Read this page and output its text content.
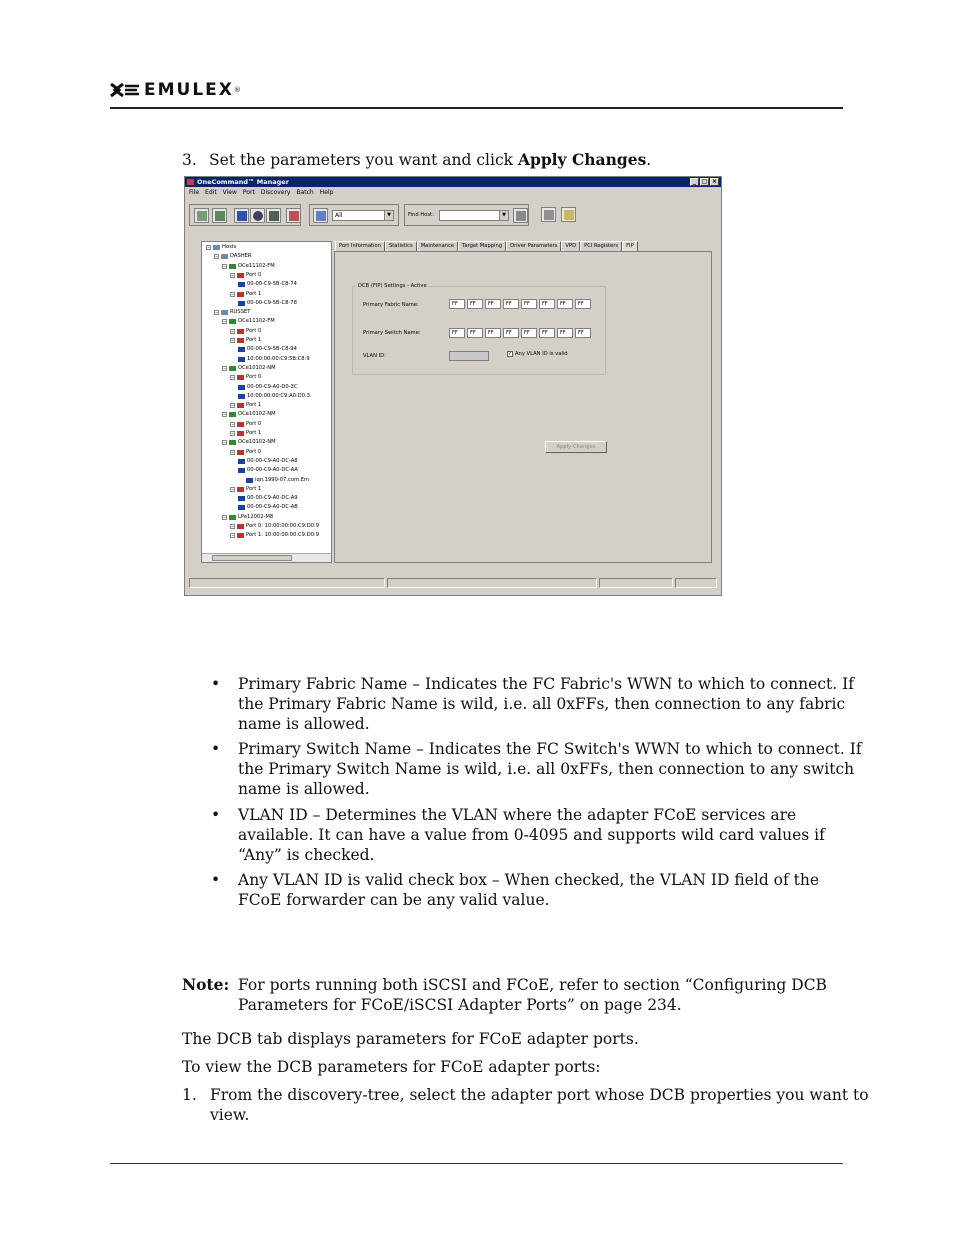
EMULEX ®
3. Set the parameters you want and click Apply Changes.
OneCommand™ Manager	_ □ ×
File Edit View Port Discovery Batch Help
All	▼	Find Host:	▼
− Hosts
− DASHER
− OCe11102-FM
− Port 0
00-00-C9-5B-C8-74
− Port 1
00-00-C9-5B-C8-78
− RUSSET
− OCe11102-FM
− Port 0
− Port 1
00-00-C9-5B-C8-94
10:00:00:00:C9:5B:C8:9
− OCe10102-NM
− Port 0
00-00-C9-A0-D0-3C
10:00:00:00:C9:A0:D0:3
− Port 1
− OCe10102-NM
− Port 0
− Port 1
− OCe10102-NM
− Port 0
00-00-C9-A0-DC-A8
00-00-C9-A0-DC-AA
iqn.1990-07.com.Em
− Port 1
00-00-C9-A0-DC-A9
00-00-C9-A0-DC-AB
− LPe12002-M8
− Port 0: 10:00:00:00:C9:D0:9
− Port 1: 10:00:00:00:C9:D0:9
Port Information	Statistics	Maintenance	Target Mapping	Driver Parameters	VPD	PCI Registers	FIP
DCB (FIP) Settings - Active
Primary Fabric Name:	FF	FF	FF	FF	FF	FF	FF	FF
Primary Switch Name:	FF	FF	FF	FF	FF	FF	FF	FF
VLAN ID:	✓ Any VLAN ID is valid
Apply Changes
• Primary Fabric Name – Indicates the FC Fabric's WWN to which to connect. If
the Primary Fabric Name is wild, i.e. all 0xFFs, then connection to any fabric
name is allowed.
• Primary Switch Name – Indicates the FC Switch's WWN to which to connect. If
the Primary Switch Name is wild, i.e. all 0xFFs, then connection to any switch
name is allowed.
• VLAN ID – Determines the VLAN where the adapter FCoE services are
available. It can have a value from 0-4095 and supports wild card values if
“Any” is checked.
• Any VLAN ID is valid check box – When checked, the VLAN ID field of the
FCoE forwarder can be any valid value.
Note: For ports running both iSCSI and FCoE, refer to section “Configuring DCB
Parameters for FCoE/iSCSI Adapter Ports” on page 234.
The DCB tab displays parameters for FCoE adapter ports.
To view the DCB parameters for FCoE adapter ports:
1. From the discovery-tree, select the adapter port whose DCB properties you want to
view.
